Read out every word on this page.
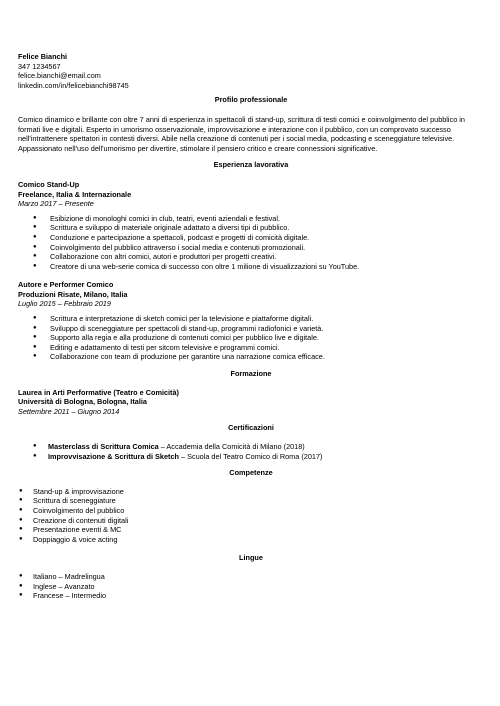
Felice Bianchi
347 1234567
felice.bianchi@email.com
linkedin.com/in/felicebianchi98745

Profilo professionale

Comico dinamico e brillante con oltre 7 anni di esperienza in spettacoli di stand-up, scrittura di testi comici e coinvolgimento del pubblico in formati live e digitali. Esperto in umorismo osservazionale, improvvisazione e interazione con il pubblico, con un comprovato successo nell'intrattenere spettatori in contesti diversi. Abile nella creazione di contenuti per i social media, podcasting e sceneggiature televisive. Appassionato nell'uso dell'umorismo per divertire, stimolare il pensiero critico e creare connessioni significative.

Esperienza lavorativa

Comico Stand-Up
Freelance, Italia & Internazionale
Marzo 2017 – Presente
● Esibizione di monologhi comici in club, teatri, eventi aziendali e festival.
● Scrittura e sviluppo di materiale originale adattato a diversi tipi di pubblico.
● Conduzione e partecipazione a spettacoli, podcast e progetti di comicità digitale.
● Coinvolgimento del pubblico attraverso i social media e contenuti promozionali.
● Collaborazione con altri comici, autori e produttori per progetti creativi.
● Creatore di una web-serie comica di successo con oltre 1 milione di visualizzazioni su YouTube.
Autore e Performer Comico
Produzioni Risate, Milano, Italia
Luglio 2015 – Febbraio 2019
● Scrittura e interpretazione di sketch comici per la televisione e piattaforme digitali.
● Sviluppo di sceneggiature per spettacoli di stand-up, programmi radiofonici e varietà.
● Supporto alla regia e alla produzione di contenuti comici per pubblico live e digitale.
● Editing e adattamento di testi per sitcom televisive e programmi comici.
● Collaborazione con team di produzione per garantire una narrazione comica efficace.

Formazione

Laurea in Arti Performative (Teatro e Comicità)
Università di Bologna, Bologna, Italia
Settembre 2011 – Giugno 2014

Certificazioni

● Masterclass di Scrittura Comica – Accademia della Comicità di Milano (2018)
● Improvvisazione & Scrittura di Sketch – Scuola del Teatro Comico di Roma (2017)

Competenze

● Stand-up & improvvisazione
● Scrittura di sceneggiature
● Coinvolgimento del pubblico
● Creazione di contenuti digitali
● Presentazione eventi & MC
● Doppiaggio & voice acting

Lingue

● Italiano – Madrelingua
● Inglese – Avanzato
● Francese – Intermedio
